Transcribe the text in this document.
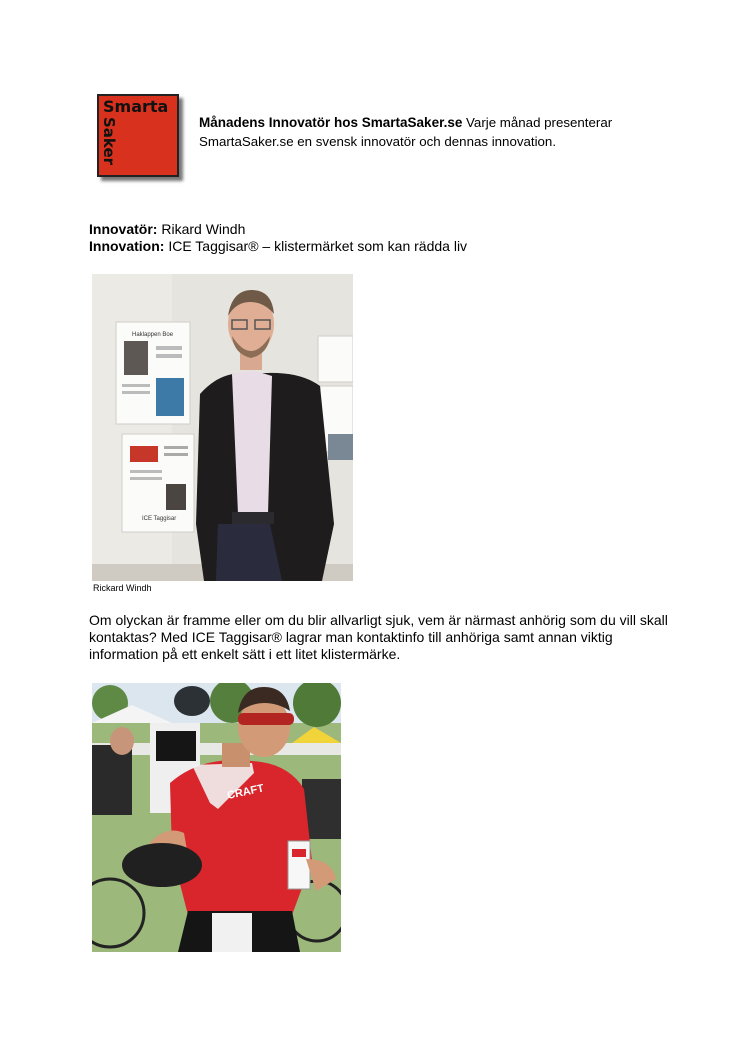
Smarta
Saker	Månadens Innovatör hos SmartaSaker.se Varje månad presenterar SmartaSaker.se en svensk innovatör och dennas innovation.
Innovatör: Rikard Windh
Innovation: ICE Taggisar® – klistermärket som kan rädda liv
Haklappen Boe
ICE Taggisar
Rickard Windh
Om olyckan är framme eller om du blir allvarligt sjuk, vem är närmast anhörig som du vill skall kontaktas? Med ICE Taggisar® lagrar man kontaktinfo till anhöriga samt annan viktig information på ett enkelt sätt i ett litet klistermärke.
CRAFT
